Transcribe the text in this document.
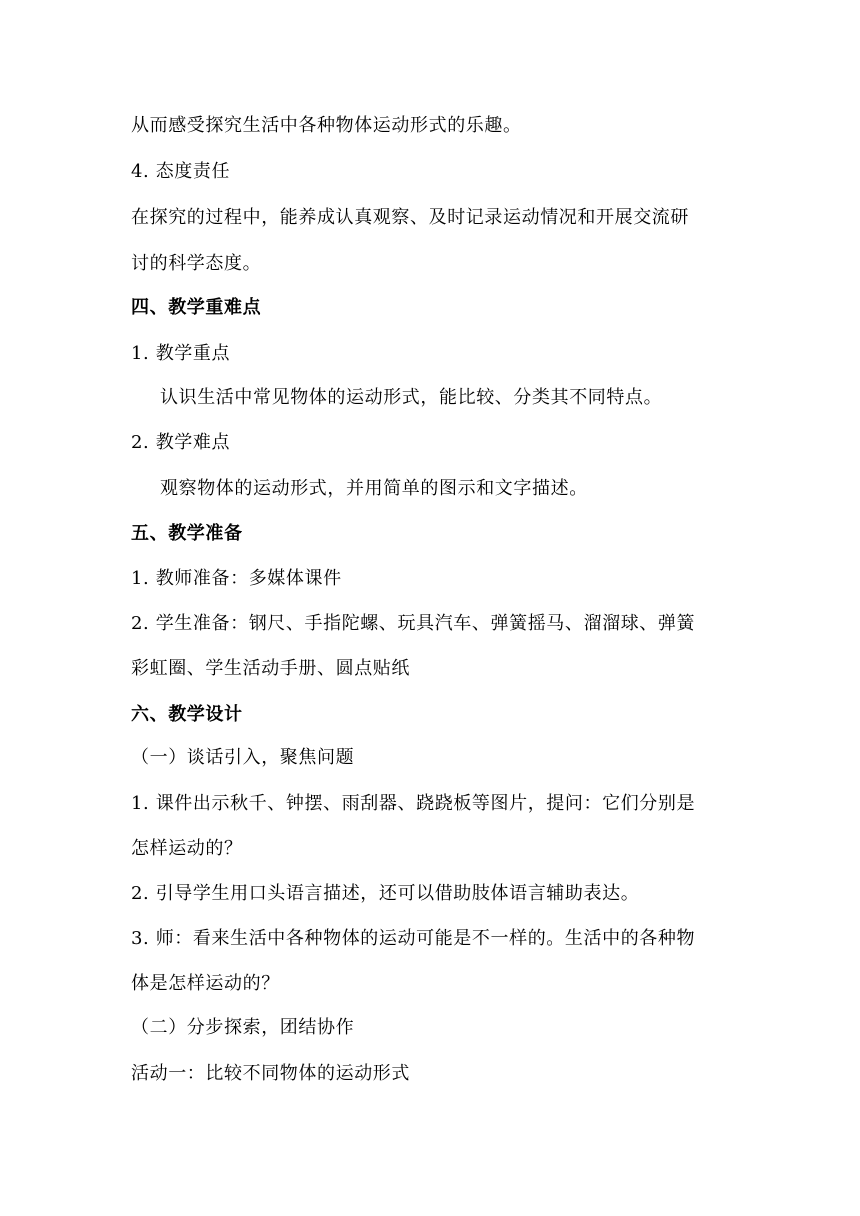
从而感受探究生活中各种物体运动形式的乐趣。
4. 态度责任
在探究的过程中，能养成认真观察、及时记录运动情况和开展交流研
讨的科学态度。
四、教学重难点
1. 教学重点
认识生活中常见物体的运动形式，能比较、分类其不同特点。
2. 教学难点
观察物体的运动形式，并用简单的图示和文字描述。
五、教学准备
1. 教师准备：多媒体课件
2. 学生准备：钢尺、手指陀螺、玩具汽车、弹簧摇马、溜溜球、弹簧
彩虹圈、学生活动手册、圆点贴纸
六、教学设计
（一）谈话引入，聚焦问题
1. 课件出示秋千、钟摆、雨刮器、跷跷板等图片，提问：它们分别是
怎样运动的？
2. 引导学生用口头语言描述，还可以借助肢体语言辅助表达。
3. 师：看来生活中各种物体的运动可能是不一样的。生活中的各种物
体是怎样运动的？
（二）分步探索，团结协作
活动一：比较不同物体的运动形式
